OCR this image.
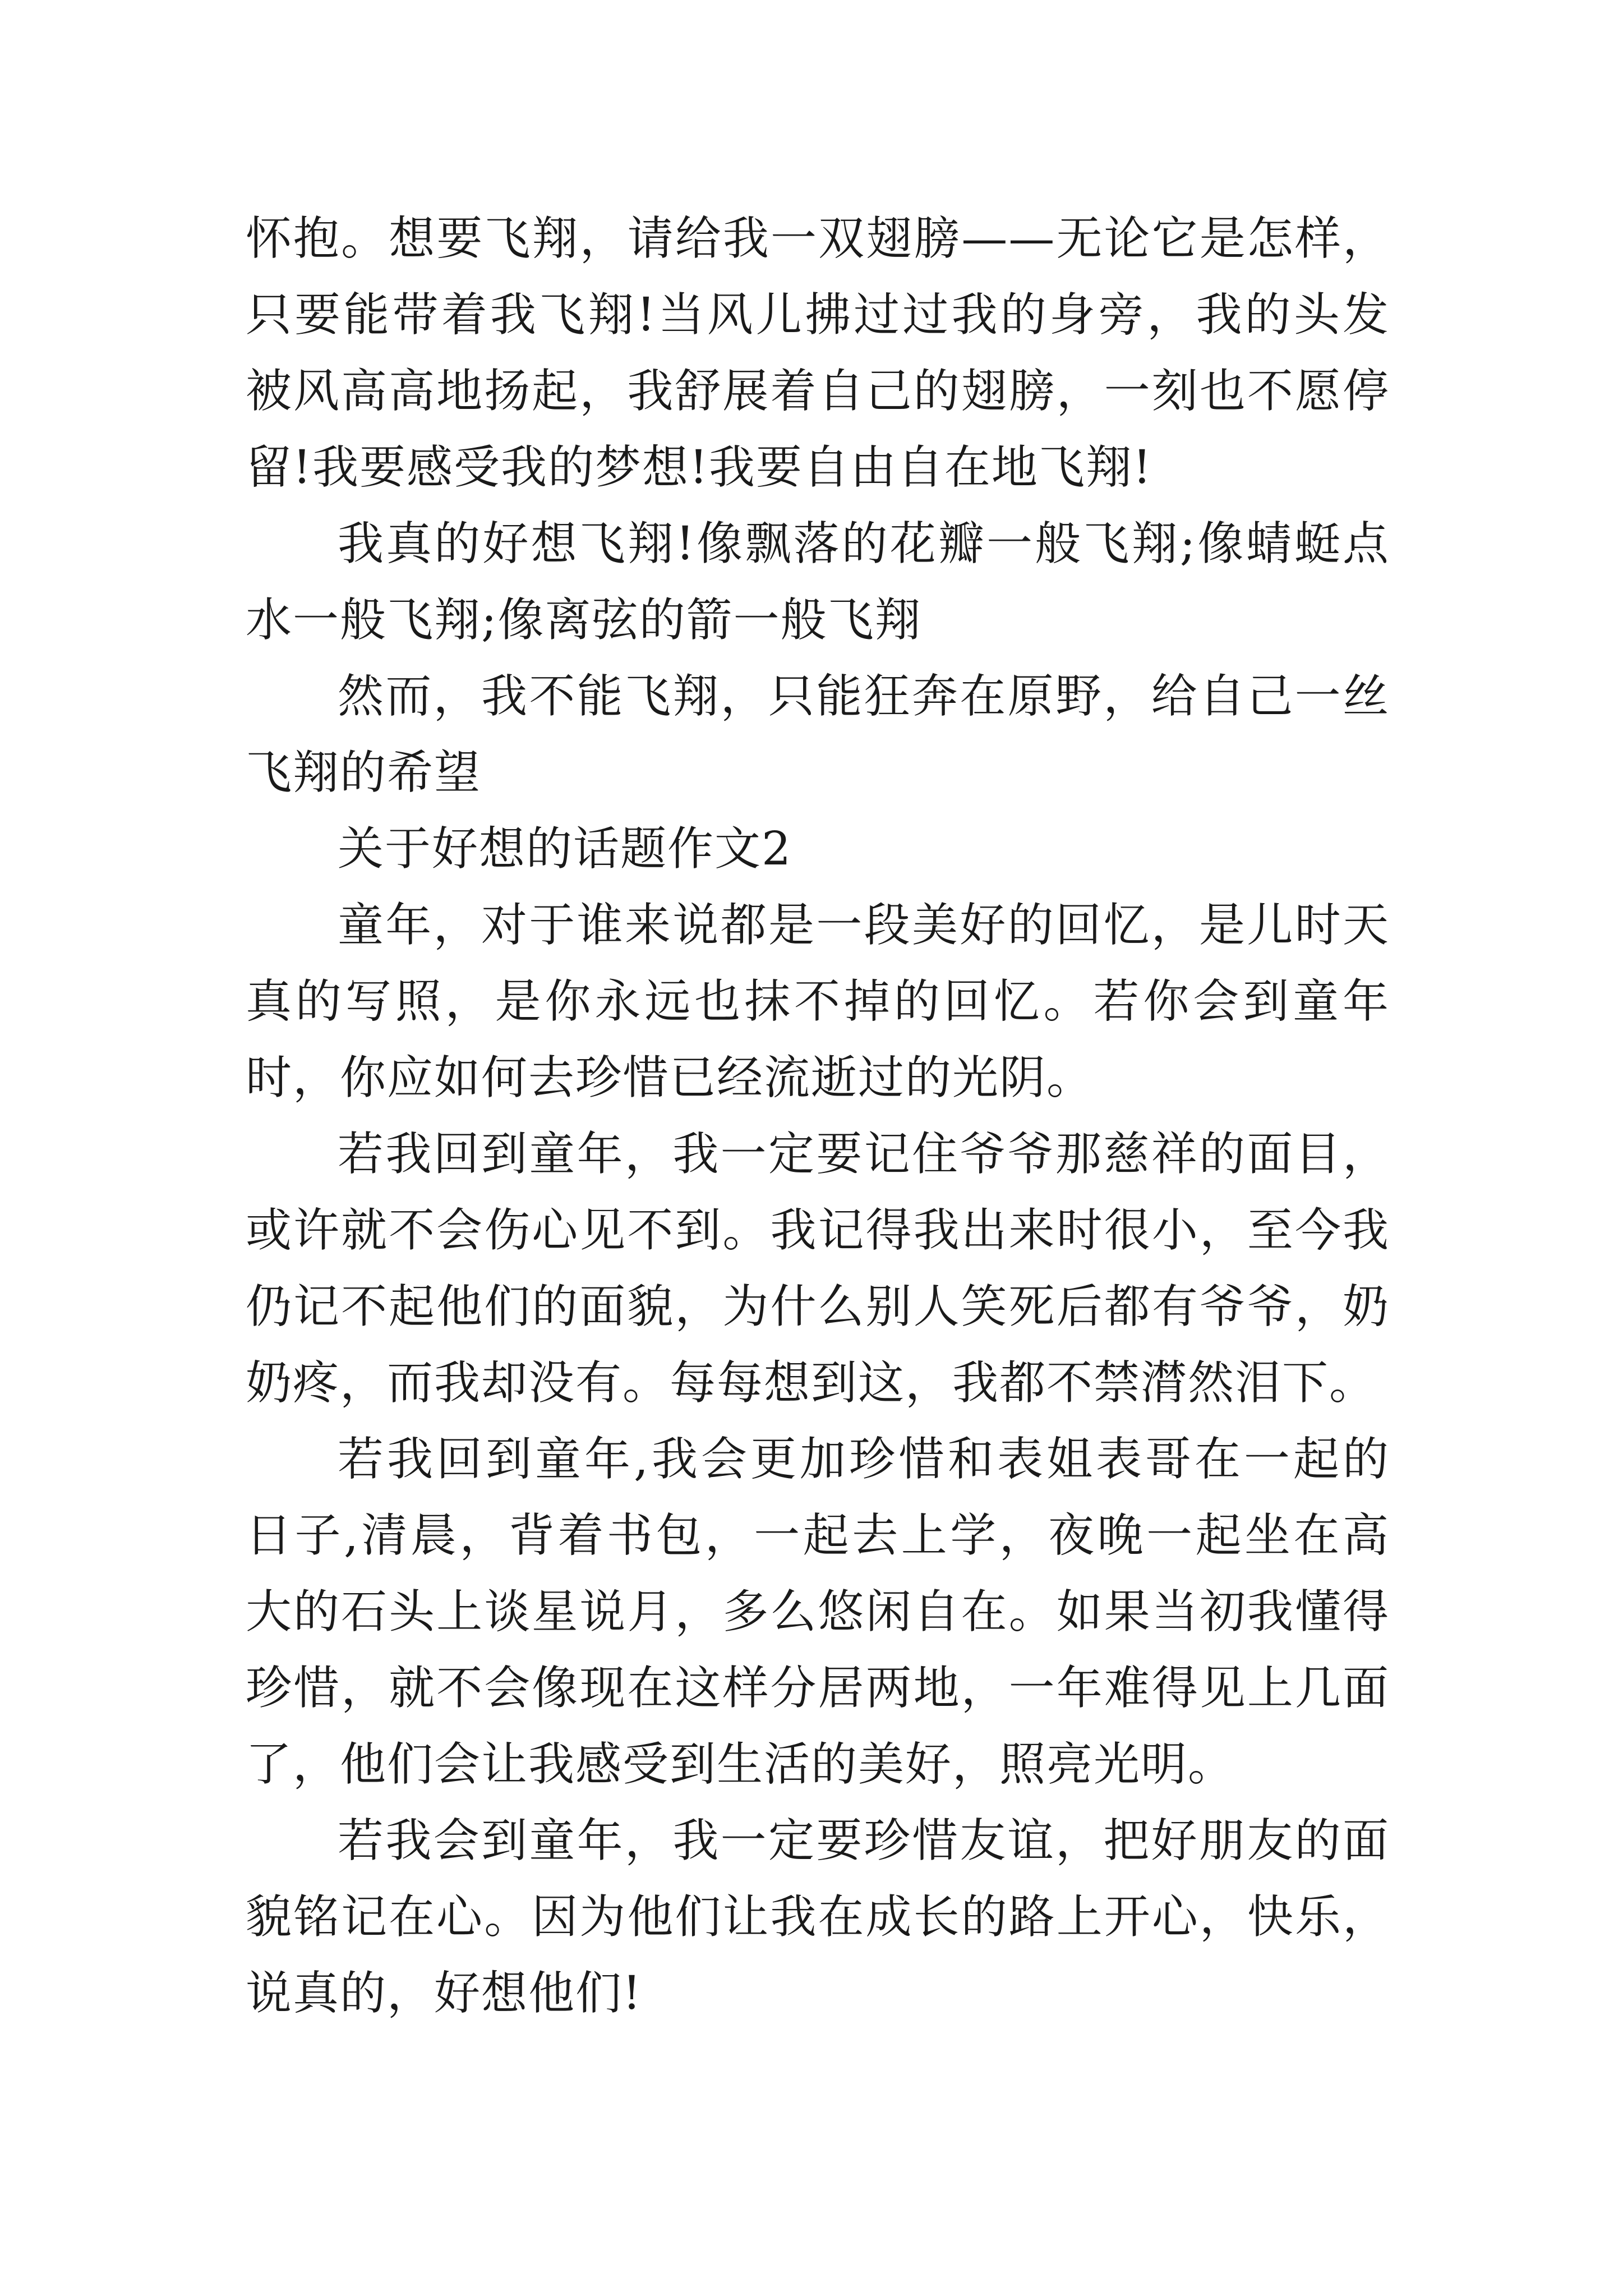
怀抱。想要飞翔，请给我一双翅膀——无论它是怎样，只要能带着我飞翔!当风儿拂过过我的身旁，我的头发被风高高地扬起，我舒展着自己的翅膀，一刻也不愿停留!我要感受我的梦想!我要自由自在地飞翔!

我真的好想飞翔!像飘落的花瓣一般飞翔;像蜻蜓点水一般飞翔;像离弦的箭一般飞翔

然而，我不能飞翔，只能狂奔在原野，给自己一丝飞翔的希望

关于好想的话题作文2

童年，对于谁来说都是一段美好的回忆，是儿时天真的写照，是你永远也抹不掉的回忆。若你会到童年时，你应如何去珍惜已经流逝过的光阴。

若我回到童年，我一定要记住爷爷那慈祥的面目，或许就不会伤心见不到。我记得我出来时很小，至今我仍记不起他们的面貌，为什么别人笑死后都有爷爷，奶奶疼，而我却没有。每每想到这，我都不禁潸然泪下。

若我回到童年,我会更加珍惜和表姐表哥在一起的日子,清晨，背着书包，一起去上学，夜晚一起坐在高大的石头上谈星说月，多么悠闲自在。如果当初我懂得珍惜，就不会像现在这样分居两地，一年难得见上几面了，他们会让我感受到生活的美好，照亮光明。

若我会到童年，我一定要珍惜友谊，把好朋友的面貌铭记在心。因为他们让我在成长的路上开心，快乐，说真的，好想他们!
